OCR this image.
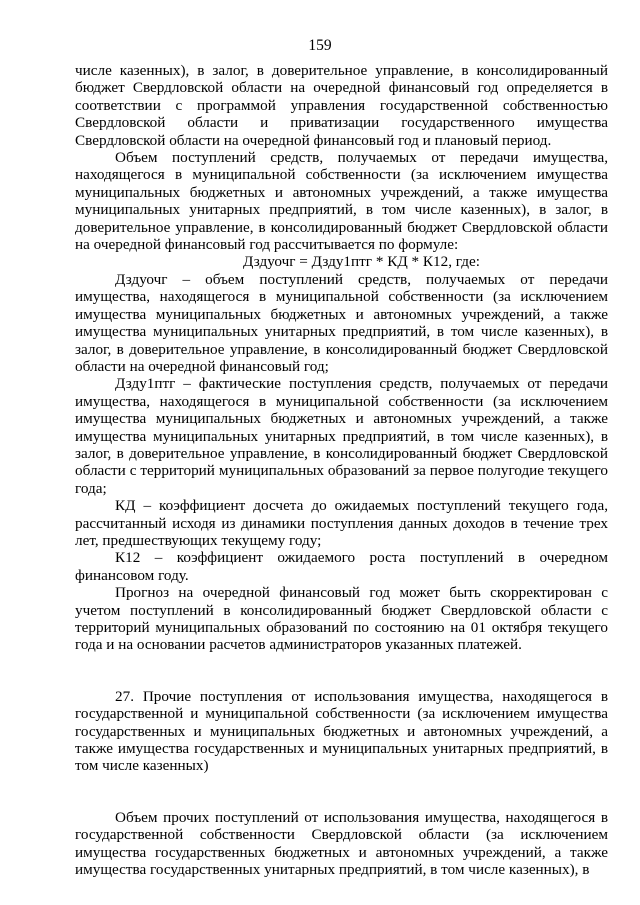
159

числе казенных), в залог, в доверительное управление, в консолидированный бюджет Свердловской области на очередной финансовый год определяется в соответствии с программой управления государственной собственностью Свердловской области и приватизации государственного имущества Свердловской области на очередной финансовый год и плановый период.

Объем поступлений средств, получаемых от передачи имущества, находящегося в муниципальной собственности (за исключением имущества муниципальных бюджетных и автономных учреждений, а также имущества муниципальных унитарных предприятий, в том числе казенных), в залог, в доверительное управление, в консолидированный бюджет Свердловской области на очередной финансовый год рассчитывается по формуле:

Дздуочг = Дзду1птг * КД * К12, где:

Дздуочг – объем поступлений средств, получаемых от передачи имущества, находящегося в муниципальной собственности (за исключением имущества муниципальных бюджетных и автономных учреждений, а также имущества муниципальных унитарных предприятий, в том числе казенных), в залог, в доверительное управление, в консолидированный бюджет Свердловской области на очередной финансовый год;

Дзду1птг – фактические поступления средств, получаемых от передачи имущества, находящегося в муниципальной собственности (за исключением имущества муниципальных бюджетных и автономных учреждений, а также имущества муниципальных унитарных предприятий, в том числе казенных), в залог, в доверительное управление, в консолидированный бюджет Свердловской области с территорий муниципальных образований за первое полугодие текущего года;

КД – коэффициент досчета до ожидаемых поступлений текущего года, рассчитанный исходя из динамики поступления данных доходов в течение трех лет, предшествующих текущему году;

К12 – коэффициент ожидаемого роста поступлений в очередном финансовом году.

Прогноз на очередной финансовый год может быть скорректирован с учетом поступлений в консолидированный бюджет Свердловской области с территорий муниципальных образований по состоянию на 01 октября текущего года и на основании расчетов администраторов указанных платежей.

27. Прочие поступления от использования имущества, находящегося в государственной и муниципальной собственности (за исключением имущества государственных и муниципальных бюджетных и автономных учреждений, а также имущества государственных и муниципальных унитарных предприятий, в том числе казенных)

Объем прочих поступлений от использования имущества, находящегося в государственной собственности Свердловской области (за исключением имущества государственных бюджетных и автономных учреждений, а также имущества государственных унитарных предприятий, в том числе казенных), в
